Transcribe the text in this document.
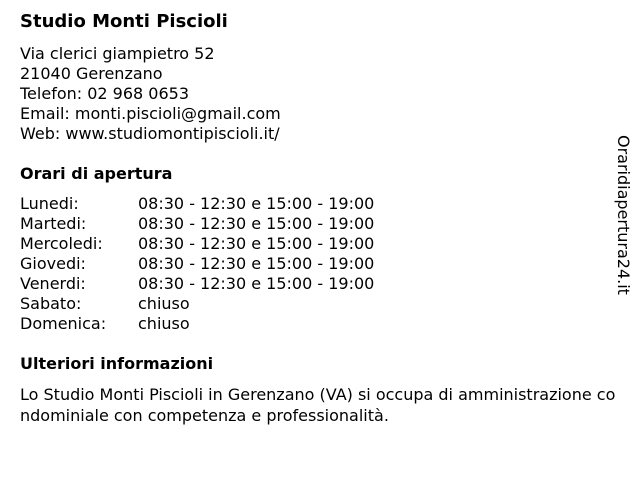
Studio Monti Piscioli
Via clerici giampietro 52
21040 Gerenzano
Telefon: 02 968 0653
Email: monti.piscioli@gmail.com
Web: www.studiomontipiscioli.it/
Orari di apertura
Lunedi:	08:30 - 12:30 e 15:00 - 19:00
Martedi:	08:30 - 12:30 e 15:00 - 19:00
Mercoledi:	08:30 - 12:30 e 15:00 - 19:00
Giovedi:	08:30 - 12:30 e 15:00 - 19:00
Venerdi:	08:30 - 12:30 e 15:00 - 19:00
Sabato:	chiuso
Domenica:	chiuso
Ulteriori informazioni
Lo Studio Monti Piscioli in Gerenzano (VA) si occupa di amministrazione condominiale con competenza e professionalità.
Oraridiapertura24.it
